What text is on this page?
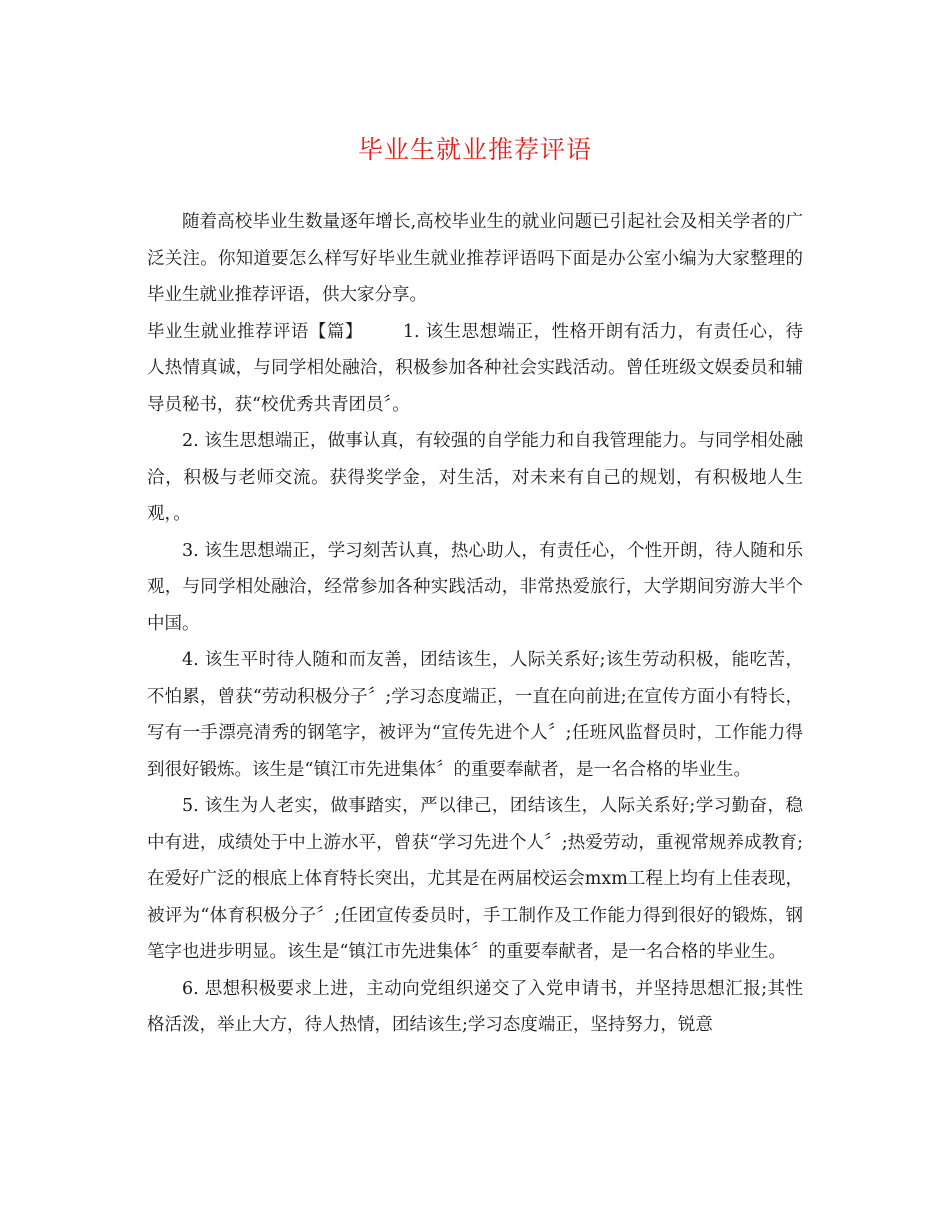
毕业生就业推荐评语

随着高校毕业生数量逐年增长,高校毕业生的就业问题已引起社会及相关学者的广泛关注。你知道要怎么样写好毕业生就业推荐评语吗下面是办公室小编为大家整理的毕业生就业推荐评语，供大家分享。

毕业生就业推荐评语【篇】 1. 该生思想端正，性格开朗有活力，有责任心，待人热情真诚，与同学相处融洽，积极参加各种社会实践活动。曾任班级文娱委员和辅导员秘书，获“校优秀共青团员〞。

2. 该生思想端正，做事认真，有较强的自学能力和自我管理能力。与同学相处融洽，积极与老师交流。获得奖学金，对生活，对未来有自己的规划，有积极地人生观，。

3. 该生思想端正，学习刻苦认真，热心助人，有责任心，个性开朗，待人随和乐观，与同学相处融洽，经常参加各种实践活动，非常热爱旅行，大学期间穷游大半个中国。

4. 该生平时待人随和而友善，团结该生，人际关系好;该生劳动积极，能吃苦，不怕累，曾获“劳动积极分子〞;学习态度端正，一直在向前进;在宣传方面小有特长，写有一手漂亮清秀的钢笔字，被评为“宣传先进个人〞;任班风监督员时，工作能力得到很好锻炼。该生是“镇江市先进集体〞的重要奉献者，是一名合格的毕业生。

5. 该生为人老实，做事踏实，严以律己，团结该生，人际关系好;学习勤奋，稳中有进，成绩处于中上游水平，曾获“学习先进个人〞;热爱劳动，重视常规养成教育;在爱好广泛的根底上体育特长突出，尤其是在两届校运会mxm工程上均有上佳表现，被评为“体育积极分子〞;任团宣传委员时，手工制作及工作能力得到很好的锻炼，钢笔字也进步明显。该生是“镇江市先进集体〞的重要奉献者，是一名合格的毕业生。

6. 思想积极要求上进，主动向党组织递交了入党申请书，并坚持思想汇报;其性格活泼，举止大方，待人热情，团结该生;学习态度端正，坚持努力，锐意
